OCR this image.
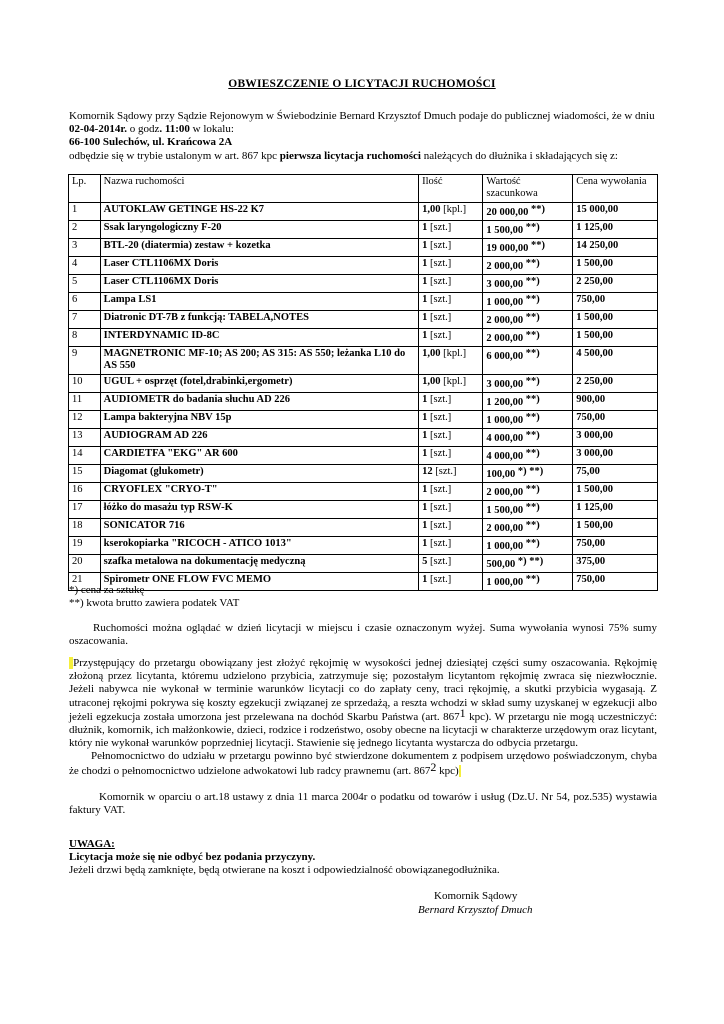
OBWIESZCZENIE O LICYTACJI RUCHOMOŚCI
Komornik Sądowy przy Sądzie Rejonowym w Świebodzinie Bernard Krzysztof Dmuch podaje do publicznej wiadomości, że w dniu
02-04-2014r. o godz. 11:00 w lokalu:
66-100 Sulechów, ul. Krańcowa 2A
odbędzie się w trybie ustalonym w art. 867 kpc pierwsza licytacja ruchomości należących do dłużnika i składających się z:
Lp.	Nazwa ruchomości	Ilość	Wartość szacunkowa	Cena wywołania
1	AUTOKLAW GETINGE HS-22 K7	1,00 [kpl.]	20 000,00 **)	15 000,00
2	Ssak laryngologiczny F-20	1 [szt.]	1 500,00 **)	1 125,00
3	BTL-20 (diatermia) zestaw + kozetka	1 [szt.]	19 000,00 **)	14 250,00
4	Laser CTL1106MX Doris	1 [szt.]	2 000,00 **)	1 500,00
5	Laser CTL1106MX Doris	1 [szt.]	3 000,00 **)	2 250,00
6	Lampa LS1	1 [szt.]	1 000,00 **)	750,00
7	Diatronic DT-7B z funkcją: TABELA,NOTES	1 [szt.]	2 000,00 **)	1 500,00
8	INTERDYNAMIC ID-8C	1 [szt.]	2 000,00 **)	1 500,00
9	MAGNETRONIC MF-10; AS 200; AS 315: AS 550; leżanka L10 do AS 550	1,00 [kpl.]	6 000,00 **)	4 500,00
10	UGUL + osprzęt (fotel,drabinki,ergometr)	1,00 [kpl.]	3 000,00 **)	2 250,00
11	AUDIOMETR do badania słuchu AD 226	1 [szt.]	1 200,00 **)	900,00
12	Lampa bakteryjna NBV 15p	1 [szt.]	1 000,00 **)	750,00
13	AUDIOGRAM AD 226	1 [szt.]	4 000,00 **)	3 000,00
14	CARDIETFA "EKG" AR 600	1 [szt.]	4 000,00 **)	3 000,00
15	Diagomat (glukometr)	12 [szt.]	100,00 *) **)	75,00
16	CRYOFLEX "CRYO-T"	1 [szt.]	2 000,00 **)	1 500,00
17	łóżko do masażu typ RSW-K	1 [szt.]	1 500,00 **)	1 125,00
18	SONICATOR 716	1 [szt.]	2 000,00 **)	1 500,00
19	kserokopiarka "RICOCH - ATICO 1013"	1 [szt.]	1 000,00 **)	750,00
20	szafka metalowa na dokumentację medyczną	5 [szt.]	500,00 *) **)	375,00
21	Spirometr ONE FLOW FVC MEMO	1 [szt.]	1 000,00 **)	750,00
*) cena za sztukę
**) kwota brutto zawiera podatek VAT
Ruchomości można oglądać w dzień licytacji w miejscu i czasie oznaczonym wyżej. Suma wywołania wynosi 75% sumy oszacowania.
Przystępujący do przetargu obowiązany jest złożyć rękojmię w wysokości jednej dziesiątej części sumy oszacowania. Rękojmię złożoną przez licytanta, któremu udzielono przybicia, zatrzymuje się; pozostałym licytantom rękojmię zwraca się niezwłocznie. Jeżeli nabywca nie wykonał w terminie warunków licytacji co do zapłaty ceny, traci rękojmię, a skutki przybicia wygasają. Z utraconej rękojmi pokrywa się koszty egzekucji związanej ze sprzedażą, a reszta wchodzi w skład sumy uzyskanej w egzekucji albo jeżeli egzekucja została umorzona jest przelewana na dochód Skarbu Państwa (art. $867^1$ kpc). W przetargu nie mogą uczestniczyć: dłużnik, komornik, ich małżonkowie, dzieci, rodzice i rodzeństwo, osoby obecne na licytacji w charakterze urzędowym oraz licytant, który nie wykonał warunków poprzedniej licytacji. Stawienie się jednego licytanta wystarcza do odbycia przetargu.
Pełnomocnictwo do udziału w przetargu powinno być stwierdzone dokumentem z podpisem urzędowo poświadczonym, chyba że chodzi o pełnomocnictwo udzielone adwokatowi lub radcy prawnemu (art. $867^2$ kpc)
Komornik w oparciu o art.18 ustawy z dnia 11 marca 2004r o podatku od towarów i usług (Dz.U. Nr 54, poz.535) wystawia faktury VAT.
UWAGA:
Licytacja może się nie odbyć bez podania przyczyny.
Jeżeli drzwi będą zamknięte, będą otwierane na koszt i odpowiedzialność obowiązanegodłużnika.
Komornik Sądowy
Bernard Krzysztof Dmuch
